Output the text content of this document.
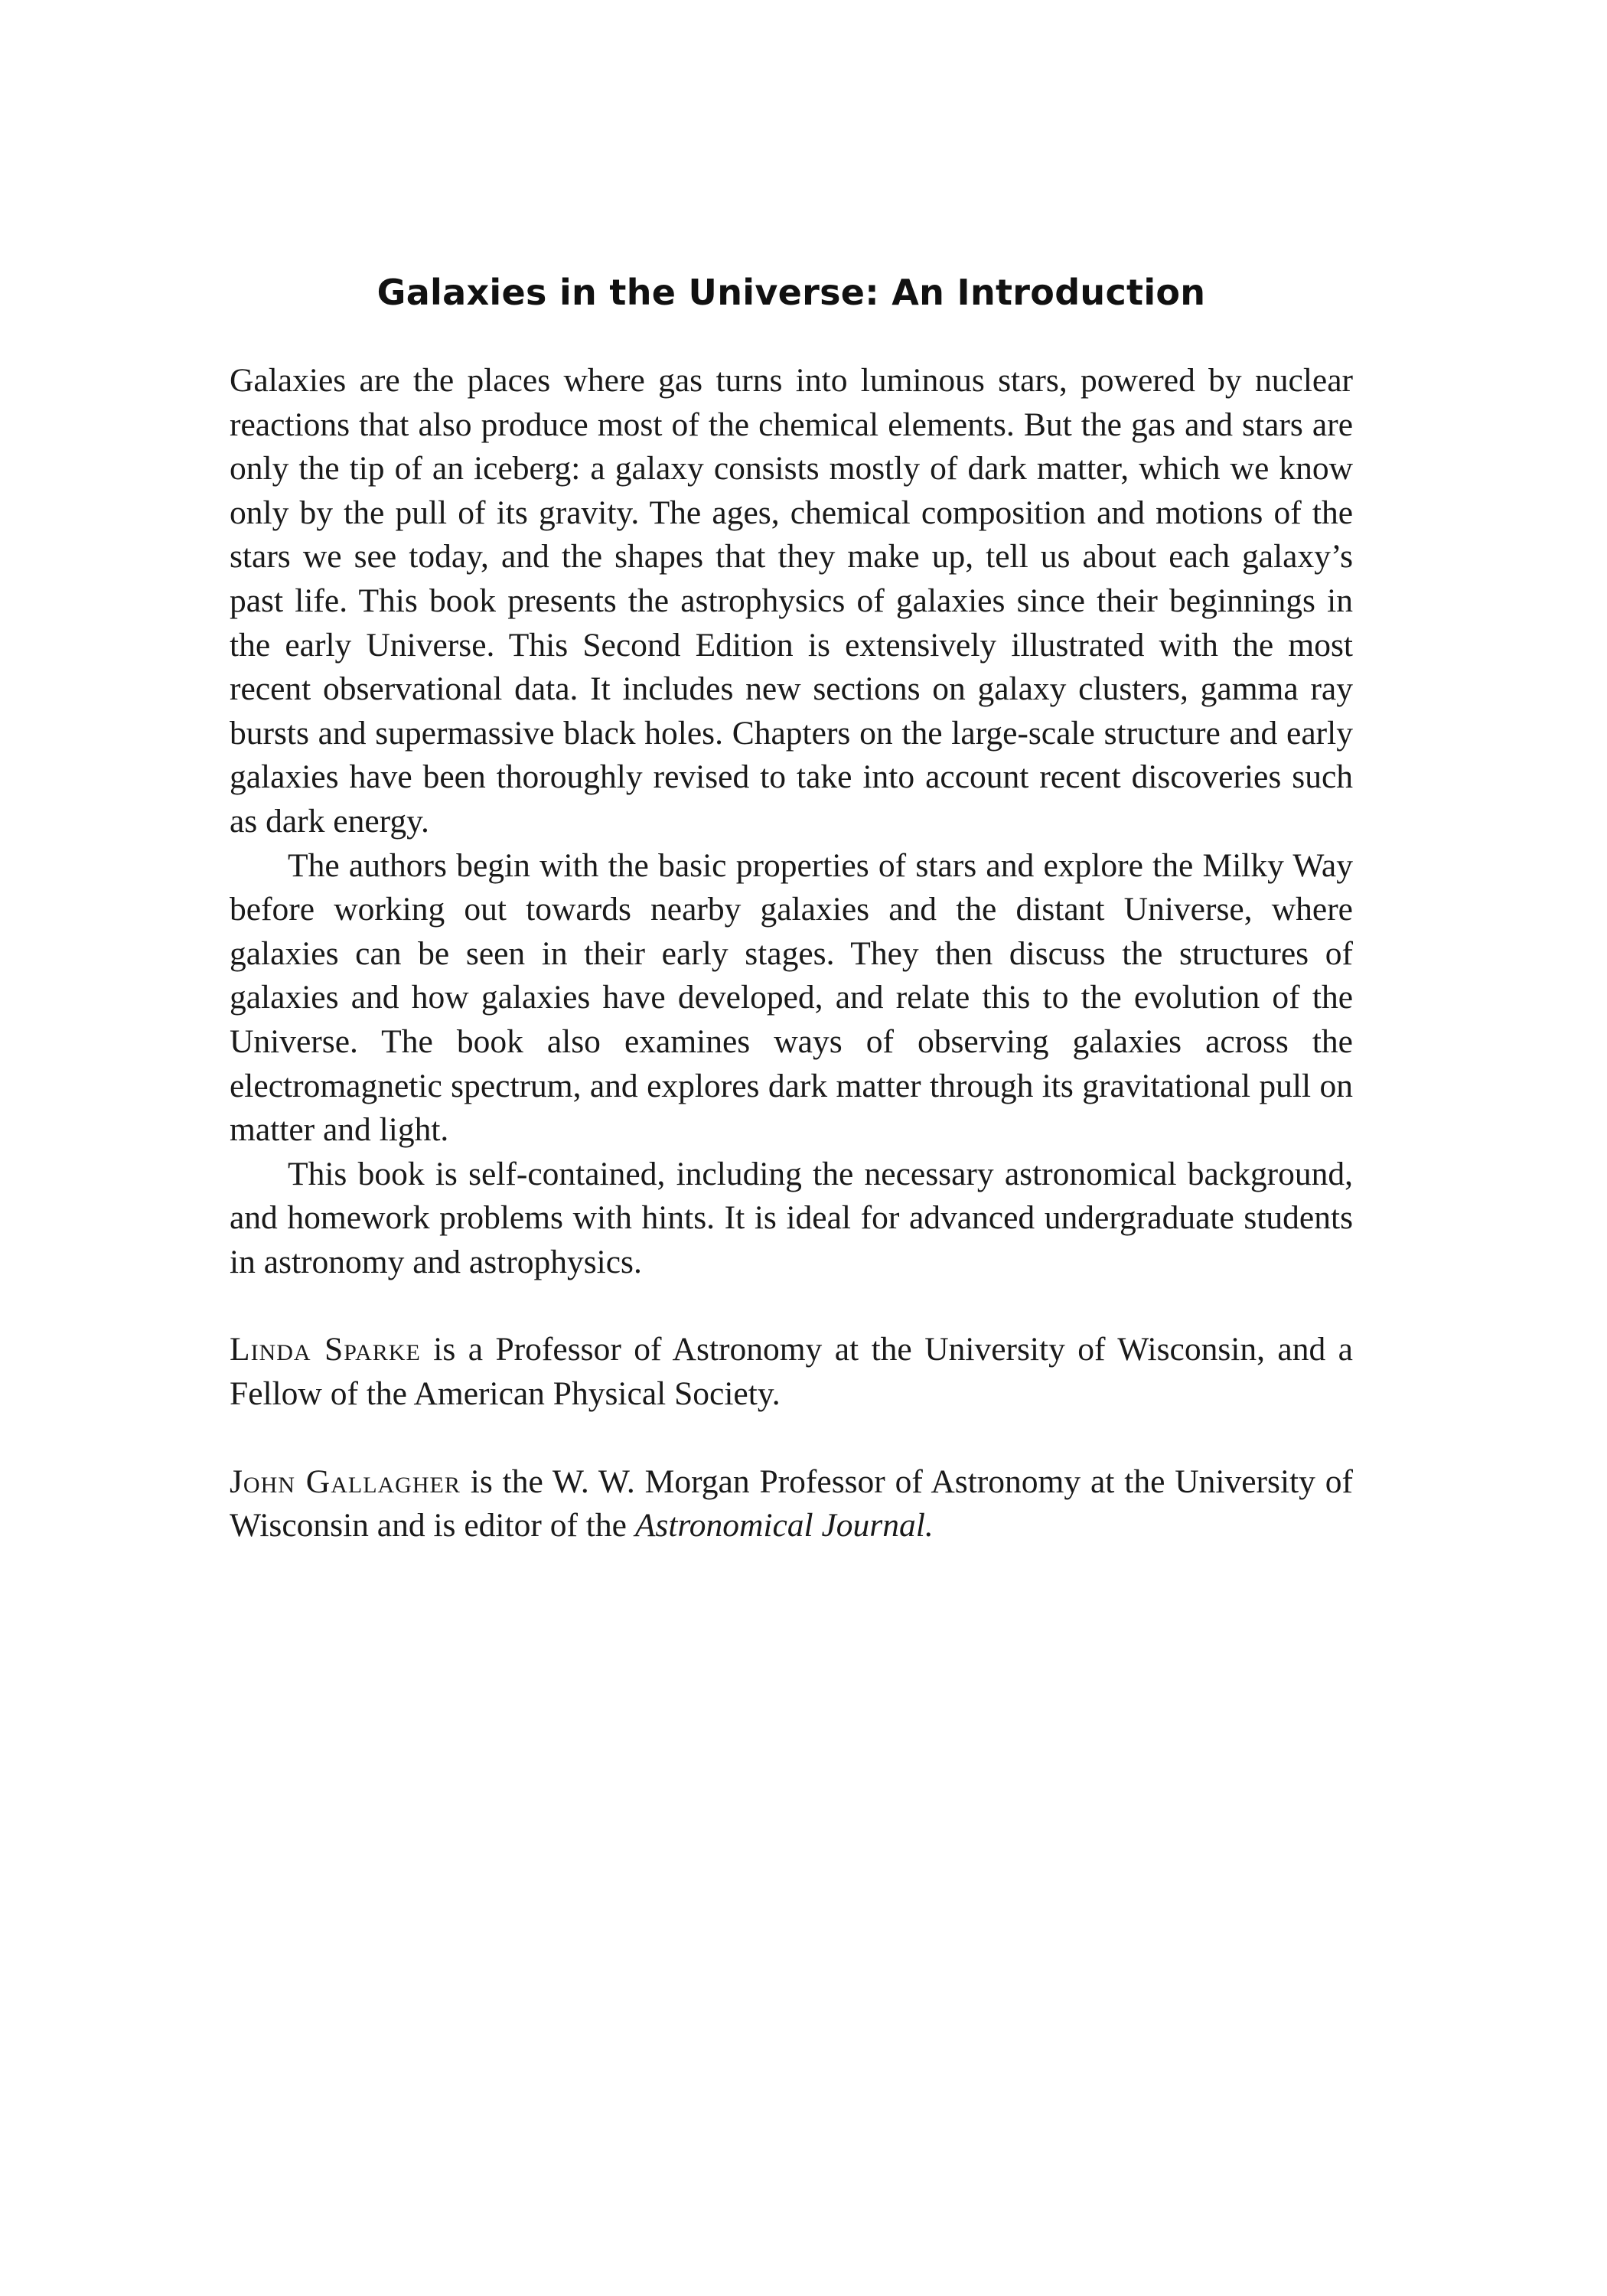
Galaxies in the Universe: An Introduction

Galaxies are the places where gas turns into luminous stars, powered by nuclear reactions that also produce most of the chemical elements. But the gas and stars are only the tip of an iceberg: a galaxy consists mostly of dark matter, which we know only by the pull of its gravity. The ages, chemical composition and motions of the stars we see today, and the shapes that they make up, tell us about each galaxy’s past life. This book presents the astrophysics of galaxies since their beginnings in the early Universe. This Second Edition is extensively illustrated with the most recent observational data. It includes new sections on galaxy clusters, gamma ray bursts and supermassive black holes. Chapters on the large-scale structure and early galaxies have been thoroughly revised to take into account recent discoveries such as dark energy.

The authors begin with the basic properties of stars and explore the Milky Way before working out towards nearby galaxies and the distant Universe, where galaxies can be seen in their early stages. They then discuss the structures of galaxies and how galaxies have developed, and relate this to the evolution of the Universe. The book also examines ways of observing galaxies across the electromagnetic spectrum, and explores dark matter through its gravitational pull on matter and light.

This book is self-contained, including the necessary astronomical background, and homework problems with hints. It is ideal for advanced undergraduate students in astronomy and astrophysics.

Linda Sparke is a Professor of Astronomy at the University of Wisconsin, and a Fellow of the American Physical Society.

John Gallagher is the W. W. Morgan Professor of Astronomy at the University of Wisconsin and is editor of the Astronomical Journal.
